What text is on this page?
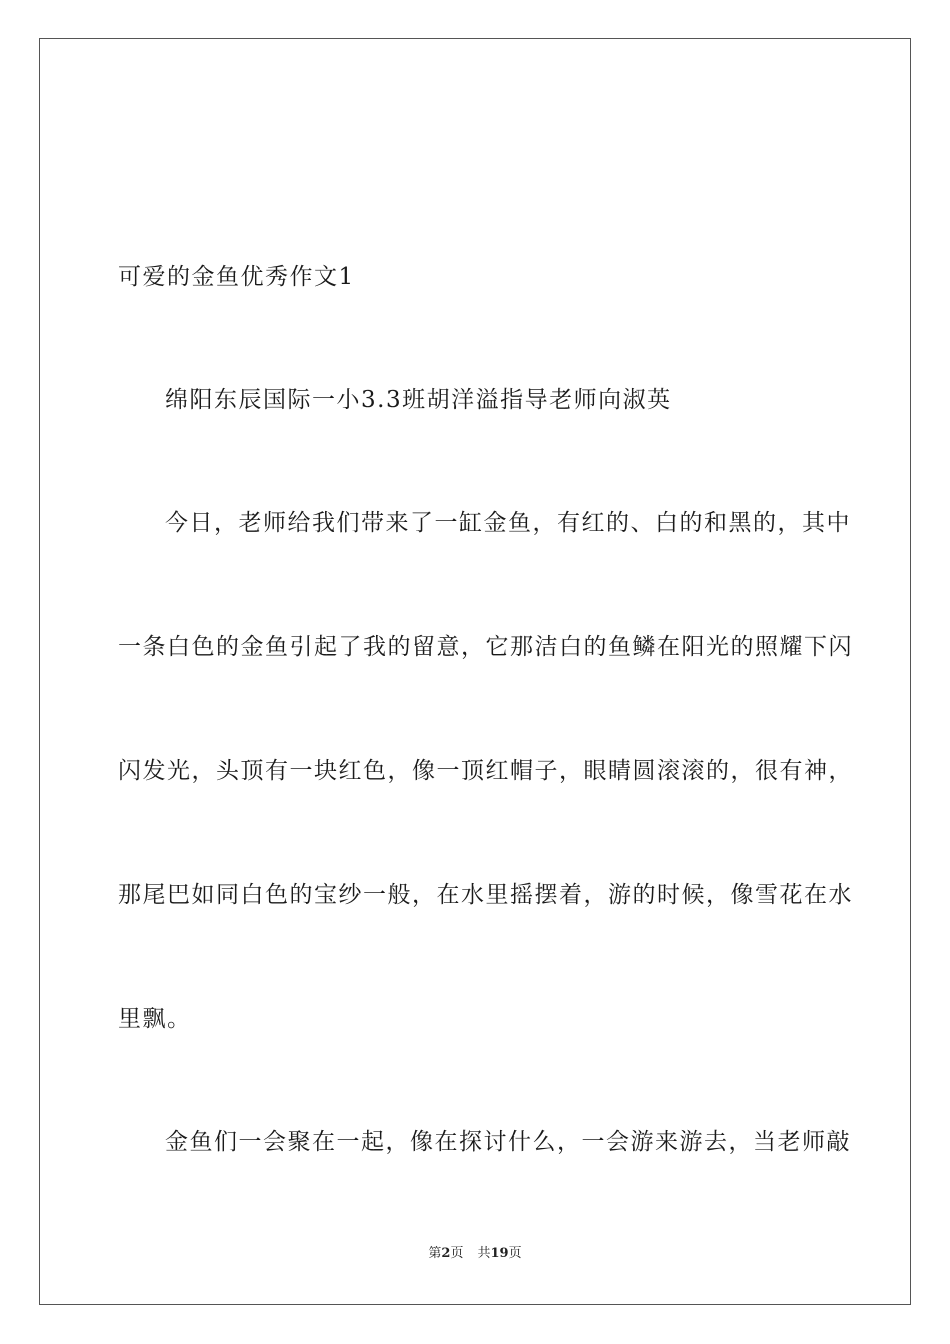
可爱的金鱼优秀作文1
绵阳东辰国际一小3.3班胡洋溢指导老师向淑英
今日，老师给我们带来了一缸金鱼，有红的、白的和黑的，其中
一条白色的金鱼引起了我的留意，它那洁白的鱼鳞在阳光的照耀下闪
闪发光，头顶有一块红色，像一顶红帽子，眼睛圆滚滚的，很有神，
那尾巴如同白色的宝纱一般，在水里摇摆着，游的时候，像雪花在水
里飘。
金鱼们一会聚在一起，像在探讨什么，一会游来游去，当老师敲
第2页 共19页
